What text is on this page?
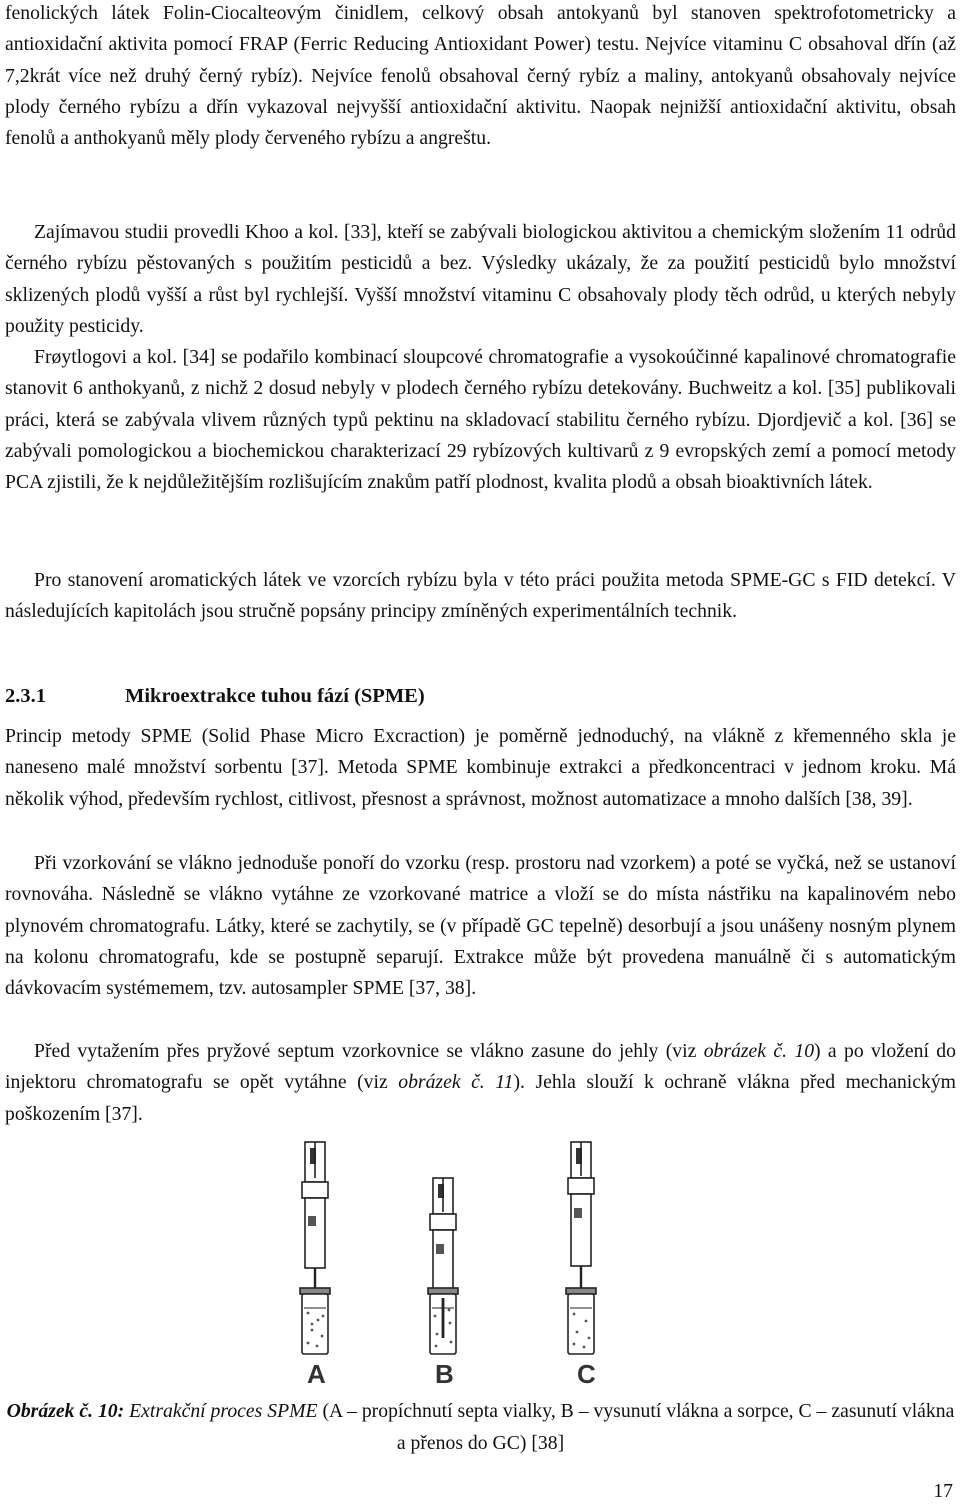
fenolických látek Folin-Ciocalteovým činidlem, celkový obsah antokyanů byl stanoven spektrofotometricky a antioxidační aktivita pomocí FRAP (Ferric Reducing Antioxidant Power) testu. Nejvíce vitaminu C obsahoval dřín (až 7,2krát více než druhý černý rybíz). Nejvíce fenolů obsahoval černý rybíz a maliny, antokyanů obsahovaly nejvíce plody černého rybízu a dřín vykazoval nejvyšší antioxidační aktivitu. Naopak nejnižší antioxidační aktivitu, obsah fenolů a anthokyanů měly plody červeného rybízu a angreštu.

Zajímavou studii provedli Khoo a kol. [33], kteří se zabývali biologickou aktivitou a chemickým složením 11 odrůd černého rybízu pěstovaných s použitím pesticidů a bez. Výsledky ukázaly, že za použití pesticidů bylo množství sklizených plodů vyšší a růst byl rychlejší. Vyšší množství vitaminu C obsahovaly plody těch odrůd, u kterých nebyly použity pesticidy.

Frøytlogovi a kol. [34] se podařilo kombinací sloupcové chromatografie a vysokoúčinné kapalinové chromatografie stanovit 6 anthokyanů, z nichž 2 dosud nebyly v plodech černého rybízu detekovány. Buchweitz a kol. [35] publikovali práci, která se zabývala vlivem různých typů pektinu na skladovací stabilitu černého rybízu. Djordjevič a kol. [36] se zabývali pomologickou a biochemickou charakterizací 29 rybízových kultivarů z 9 evropských zemí a pomocí metody PCA zjistili, že k nejdůležitějším rozlišujícím znakům patří plodnost, kvalita plodů a obsah bioaktivních látek.

Pro stanovení aromatických látek ve vzorcích rybízu byla v této práci použita metoda SPME-GC s FID detekcí. V následujících kapitolách jsou stručně popsány principy zmíněných experimentálních technik.

2.3.1	Mikroextrakce tuhou fází (SPME)

Princip metody SPME (Solid Phase Micro Excraction) je poměrně jednoduchý, na vlákně z křemenného skla je naneseno malé množství sorbentu [37]. Metoda SPME kombinuje extrakci a předkoncentraci v jednom kroku. Má několik výhod, především rychlost, citlivost, přesnost a správnost, možnost automatizace a mnoho dalších [38, 39].

Při vzorkování se vlákno jednoduše ponoří do vzorku (resp. prostoru nad vzorkem) a poté se vyčká, než se ustanoví rovnováha. Následně se vlákno vytáhne ze vzorkované matrice a vloží se do místa nástřiku na kapalinovém nebo plynovém chromatografu. Látky, které se zachytily, se (v případě GC tepelně) desorbují a jsou unášeny nosným plynem na kolonu chromatografu, kde se postupně separují. Extrakce může být provedena manuálně či s automatickým dávkovacím systémemem, tzv. autosampler SPME [37, 38].

Před vytažením přes pryžové septum vzorkovnice se vlákno zasune do jehly (viz obrázek č. 10) a po vložení do injektoru chromatografu se opět vytáhne (viz obrázek č. 11). Jehla slouží k ochraně vlákna před mechanickým poškozením [37].

A	B	C
Obrázek č. 10: Extrakční proces SPME (A – propíchnutí septa vialky, B – vysunutí vlákna a sorpce, C – zasunutí vlákna a přenos do GC) [38]
17
